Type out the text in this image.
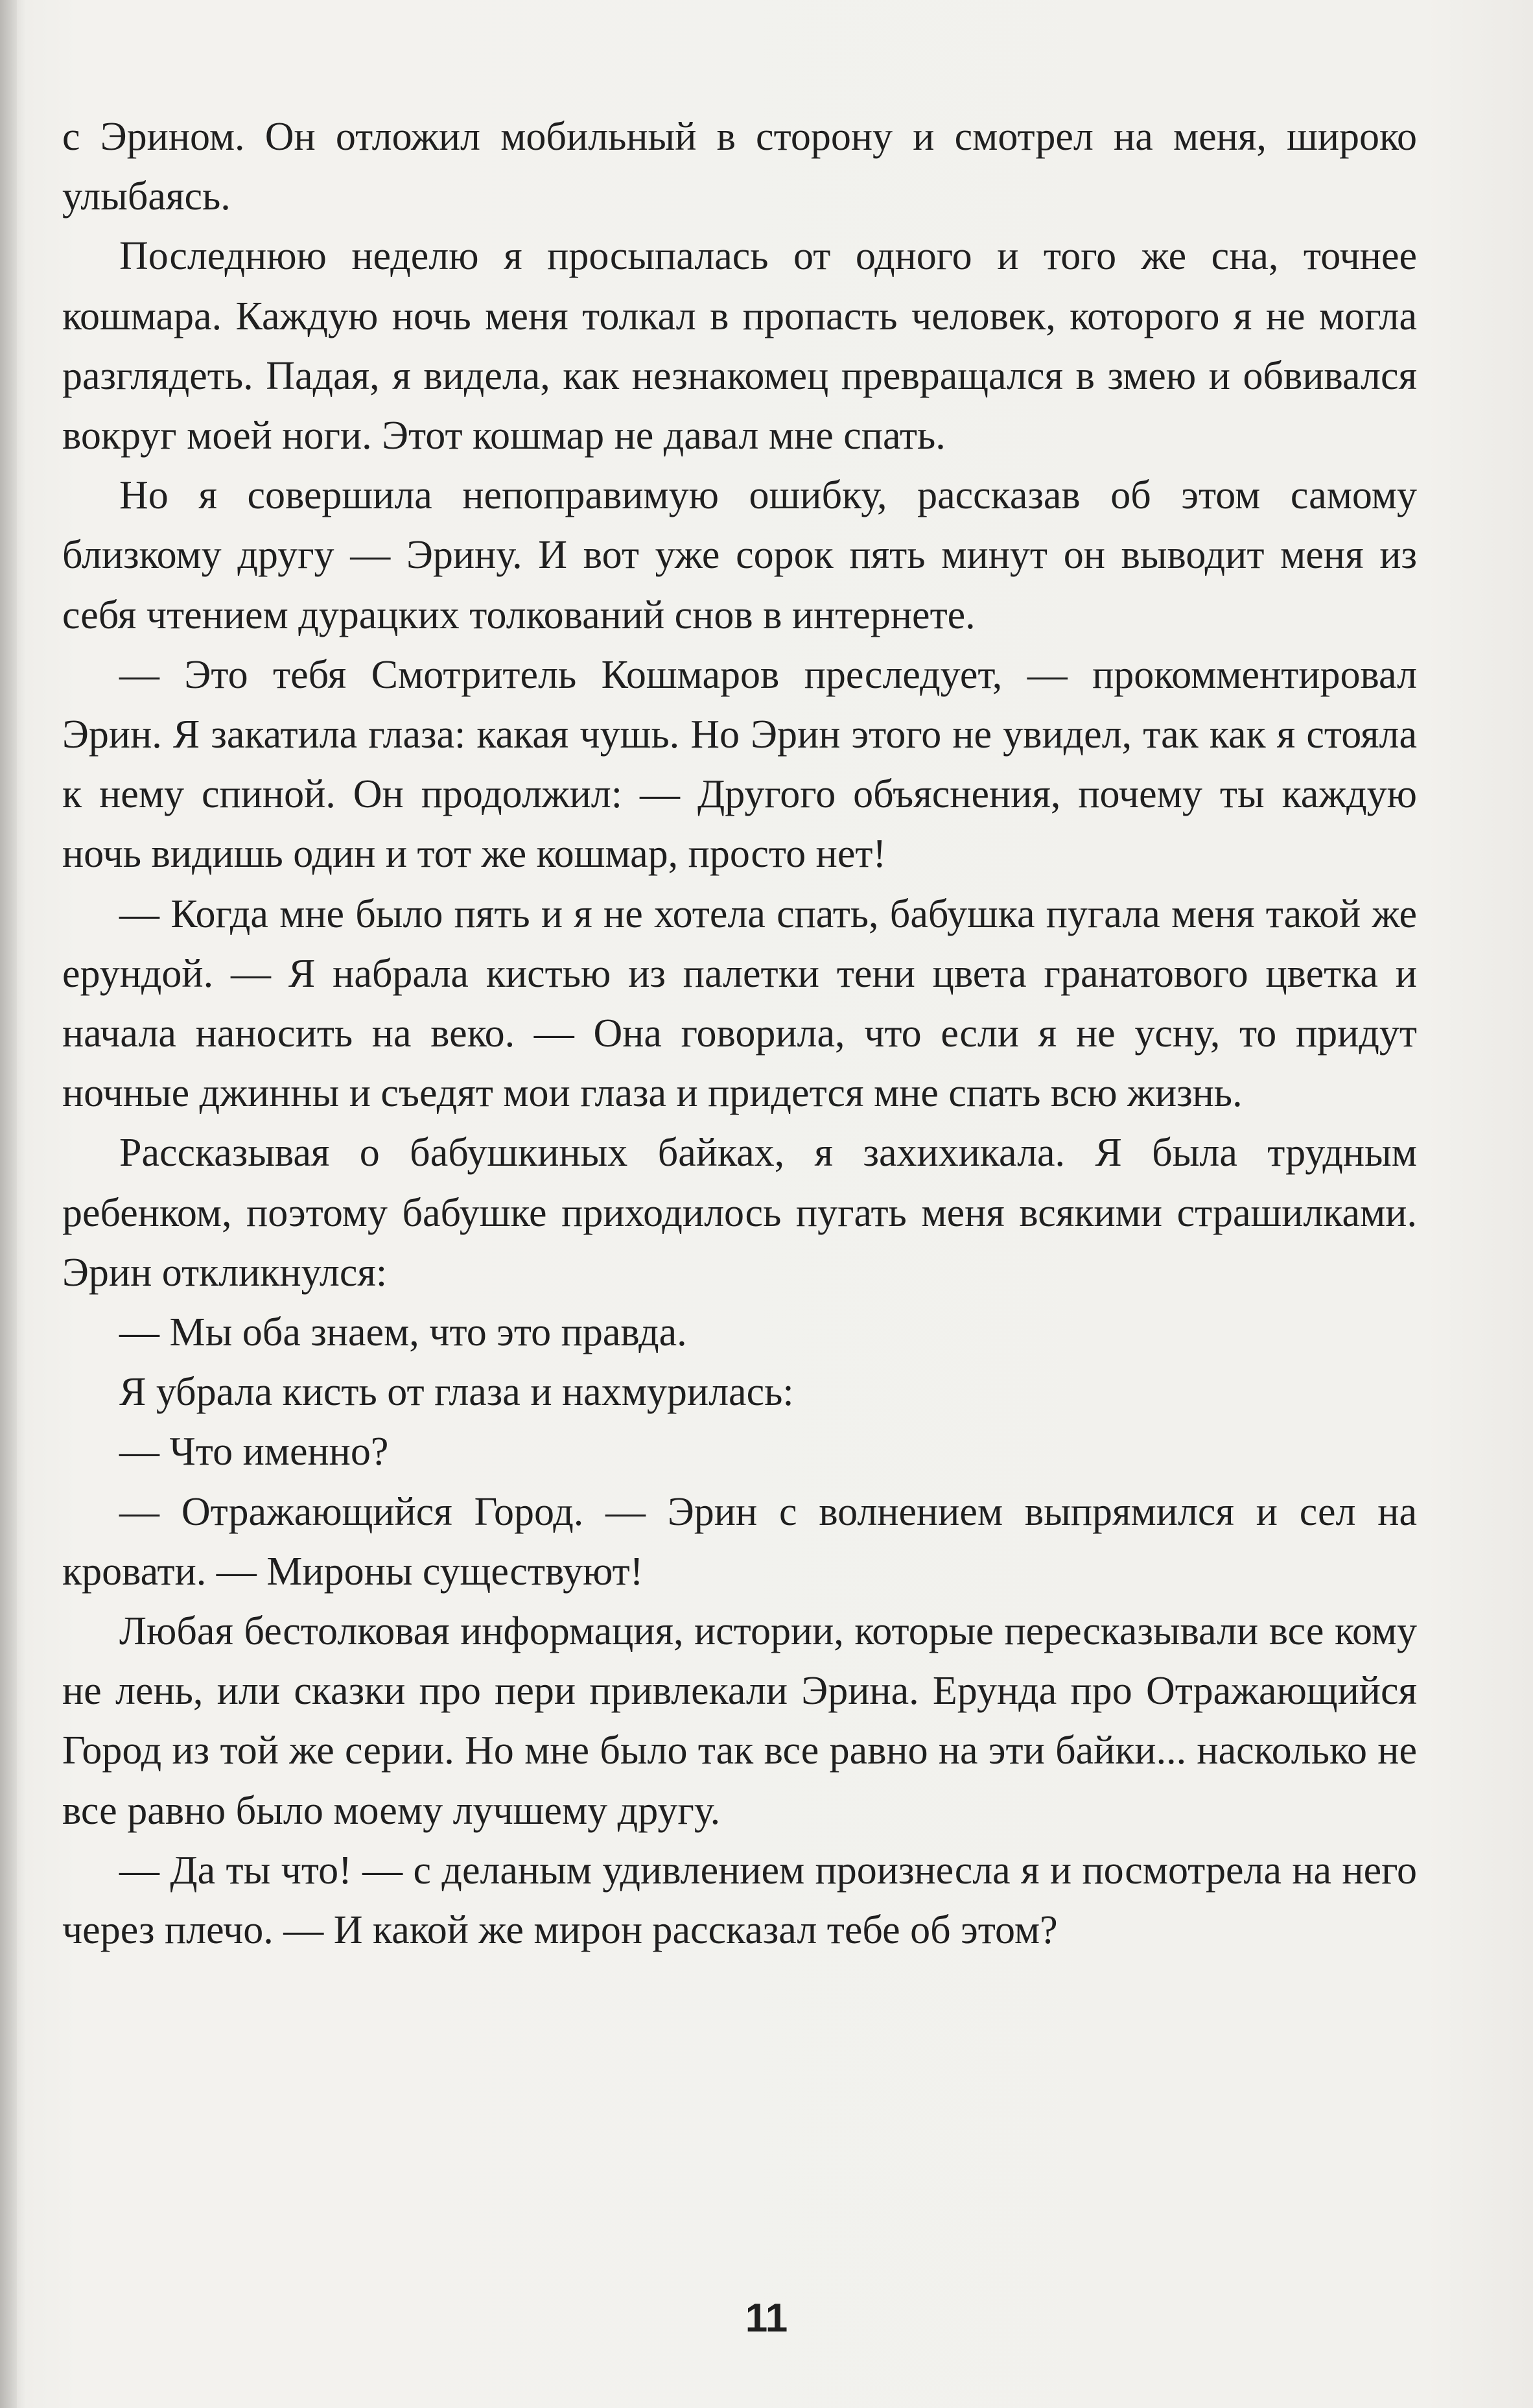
с Эрином. Он отложил мобильный в сторону и смотрел на меня, широко улыбаясь.

Последнюю неделю я просыпалась от одного и того же сна, точнее кошмара. Каждую ночь меня толкал в пропасть человек, которого я не могла разглядеть. Падая, я видела, как незнакомец превращался в змею и обвивался вокруг моей ноги. Этот кошмар не давал мне спать.

Но я совершила непоправимую ошибку, рассказав об этом самому близкому другу — Эрину. И вот уже сорок пять минут он выводит меня из себя чтением дурацких толкований снов в интернете.

— Это тебя Смотритель Кошмаров преследует, — прокомментировал Эрин. Я закатила глаза: какая чушь. Но Эрин этого не увидел, так как я стояла к нему спиной. Он продолжил: — Другого объяснения, почему ты каждую ночь видишь один и тот же кошмар, просто нет!

— Когда мне было пять и я не хотела спать, бабушка пугала меня такой же ерундой. — Я набрала кистью из палетки тени цвета гранатового цветка и начала наносить на веко. — Она говорила, что если я не усну, то придут ночные джинны и съедят мои глаза и придется мне спать всю жизнь.

Рассказывая о бабушкиных байках, я захихикала. Я была трудным ребенком, поэтому бабушке приходилось пугать меня всякими страшилками. Эрин откликнулся:

— Мы оба знаем, что это правда.

Я убрала кисть от глаза и нахмурилась:

— Что именно?

— Отражающийся Город. — Эрин с волнением выпрямился и сел на кровати. — Мироны существуют!

Любая бестолковая информация, истории, которые пересказывали все кому не лень, или сказки про пери привлекали Эрина. Ерунда про Отражающийся Город из той же серии. Но мне было так все равно на эти байки... насколько не все равно было моему лучшему другу.

— Да ты что! — с деланым удивлением произнесла я и посмотрела на него через плечо. — И какой же мирон рассказал тебе об этом?

11
